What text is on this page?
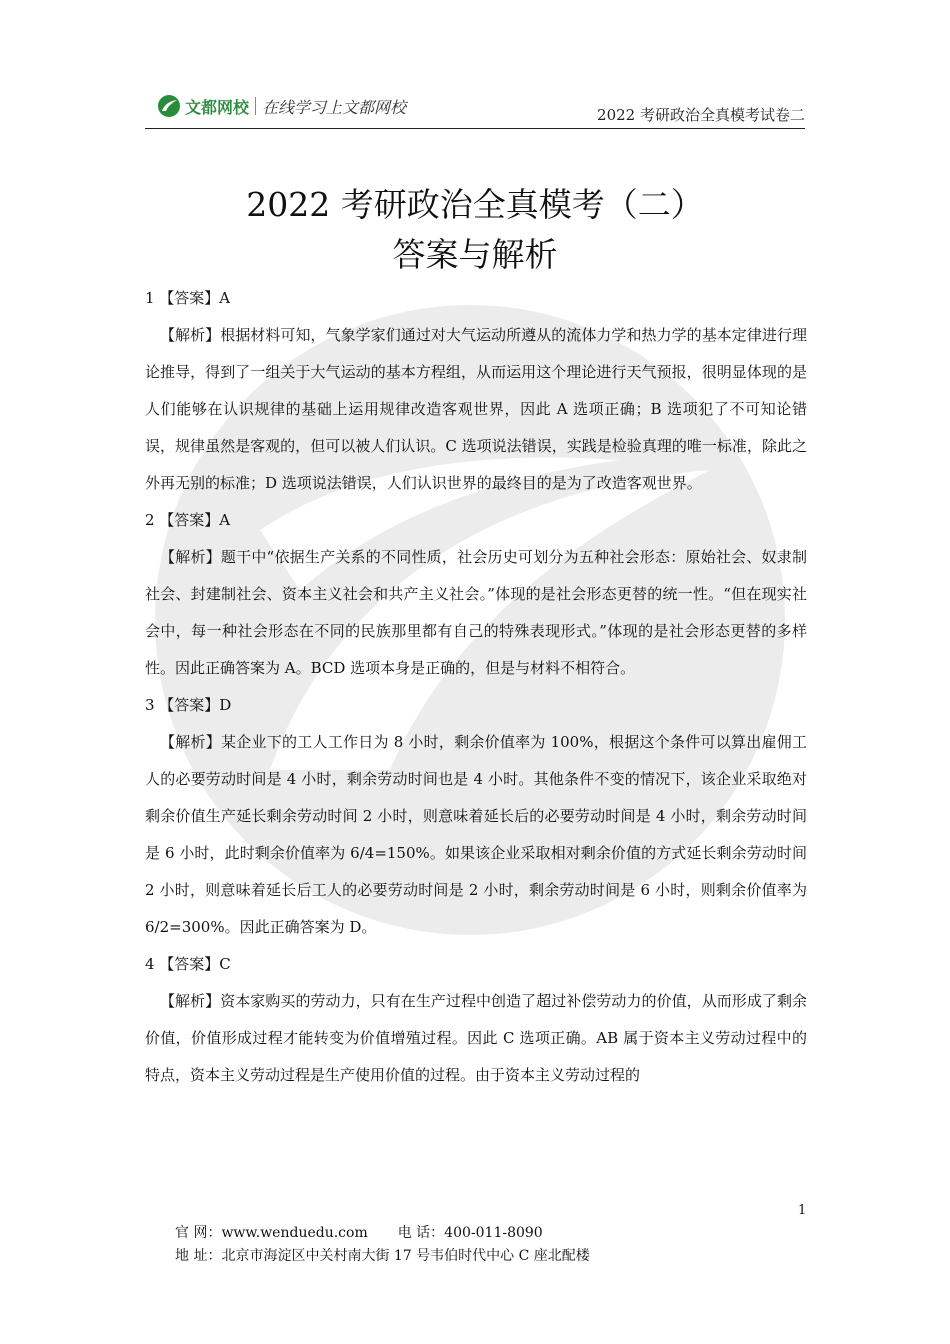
文都网校 在线学习上文都网校	2022 考研政治全真模考试卷二
2022 考研政治全真模考（二）
答案与解析
1 【答案】A
【解析】根据材料可知，气象学家们通过对大气运动所遵从的流体力学和热力学的基本定律进行理论推导，得到了一组关于大气运动的基本方程组，从而运用这个理论进行天气预报，很明显体现的是人们能够在认识规律的基础上运用规律改造客观世界，因此 A 选项正确；B 选项犯了不可知论错误，规律虽然是客观的，但可以被人们认识。C 选项说法错误，实践是检验真理的唯一标准，除此之外再无别的标准；D 选项说法错误，人们认识世界的最终目的是为了改造客观世界。
2 【答案】A
【解析】题干中“依据生产关系的不同性质，社会历史可划分为五种社会形态：原始社会、奴隶制社会、封建制社会、资本主义社会和共产主义社会。”体现的是社会形态更替的统一性。“但在现实社会中，每一种社会形态在不同的民族那里都有自己的特殊表现形式。”体现的是社会形态更替的多样性。因此正确答案为 A。BCD 选项本身是正确的，但是与材料不相符合。
3 【答案】D
【解析】某企业下的工人工作日为 8 小时，剩余价值率为 100%，根据这个条件可以算出雇佣工人的必要劳动时间是 4 小时，剩余劳动时间也是 4 小时。其他条件不变的情况下，该企业采取绝对剩余价值生产延长剩余劳动时间 2 小时，则意味着延长后的必要劳动时间是 4 小时，剩余劳动时间是 6 小时，此时剩余价值率为 6/4=150%。如果该企业采取相对剩余价值的方式延长剩余劳动时间 2 小时，则意味着延长后工人的必要劳动时间是 2 小时，剩余劳动时间是 6 小时，则剩余价值率为 6/2=300%。因此正确答案为 D。
4 【答案】C
【解析】资本家购买的劳动力，只有在生产过程中创造了超过补偿劳动力的价值，从而形成了剩余价值，价值形成过程才能转变为价值增殖过程。因此 C 选项正确。AB 属于资本主义劳动过程中的特点，资本主义劳动过程是生产使用价值的过程。由于资本主义劳动过程的
1
官 网：www.wenduedu.com 电 话：400-011-8090
地 址：北京市海淀区中关村南大街 17 号韦伯时代中心 C 座北配楼
